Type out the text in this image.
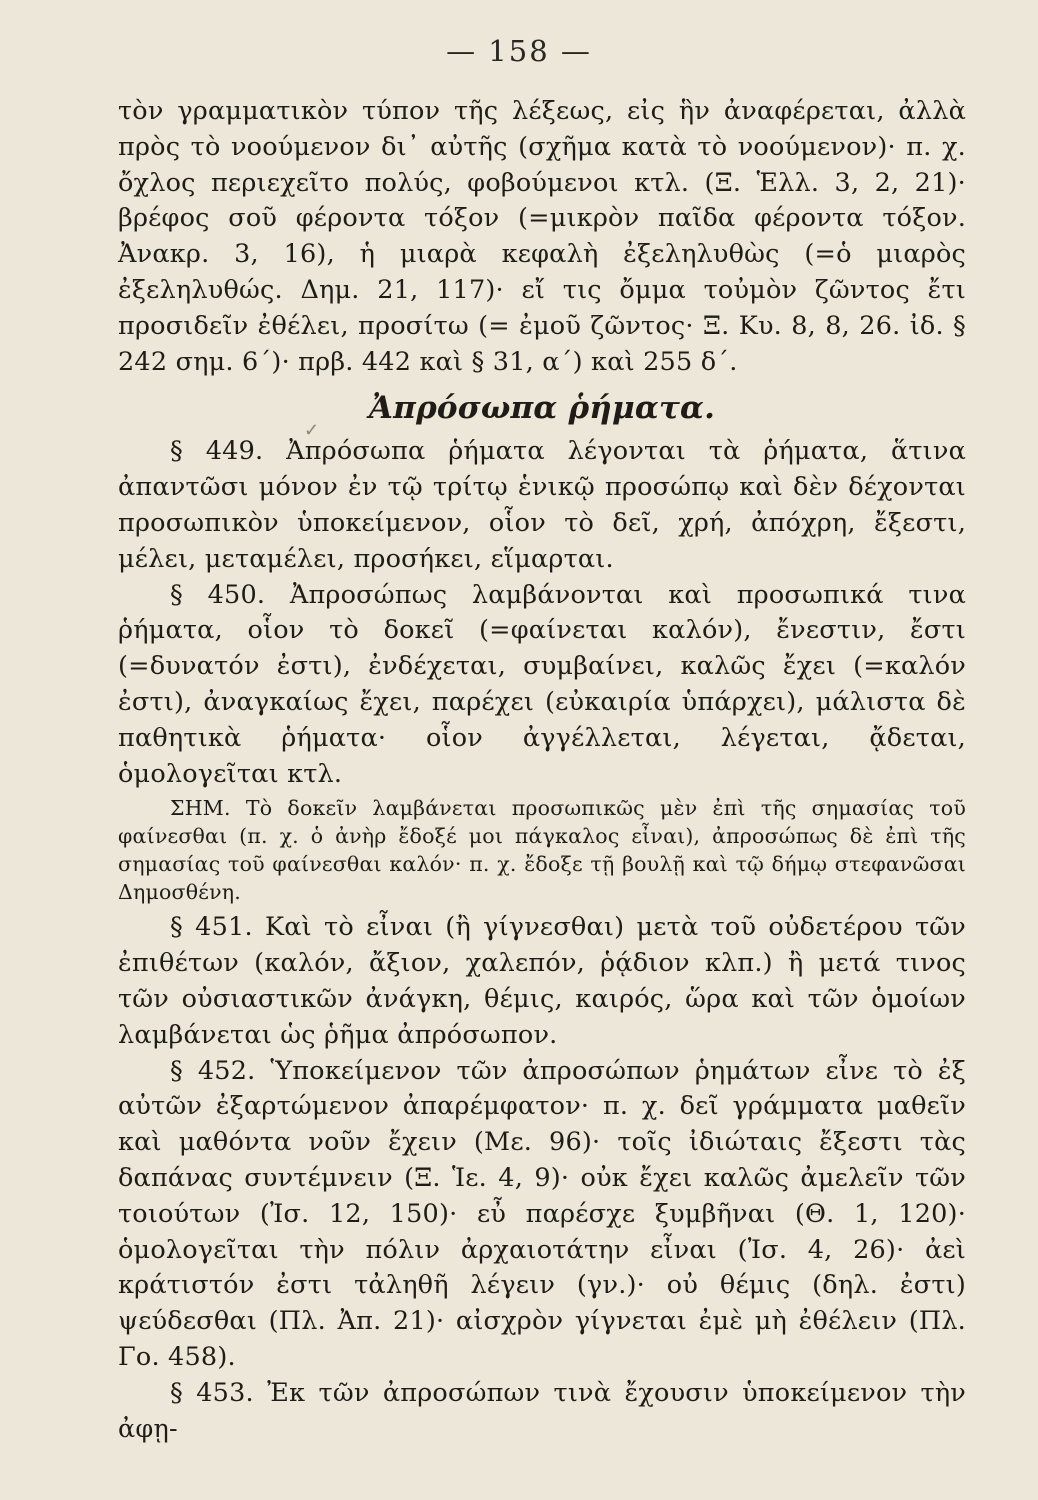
— 158 —
✓

τὸν γραμματικὸν τύπον τῆς λέξεως, εἰς ἣν ἀναφέρεται, ἀλλὰ πρὸς τὸ νοούμενον δι᾽ αὐτῆς (σχῆμα κατὰ τὸ νοούμενον)· π. χ. ὄχλος περιεχεῖτο πολύς, φοβούμενοι κτλ. (Ξ. Ἑλλ. 3, 2, 21)· βρέφος σοῦ φέροντα τόξον (=μικρὸν παῖδα φέροντα τόξον. Ἀνακρ. 3, 16), ἡ μιαρὰ κεφαλὴ ἐξεληλυθὼς (=ὁ μιαρὸς ἐξεληλυθώς. Δημ. 21, 117)· εἴ τις ὄμμα τοὐμὸν ζῶντος ἔτι προσιδεῖν ἐθέλει, προσίτω (= ἐμοῦ ζῶντος· Ξ. Κυ. 8, 8, 26. ἰδ. § 242 σημ. 6΄)· πρβ. 442 καὶ § 31, α΄) καὶ 255 δ΄.

Ἀπρόσωπα ῥήματα.

§ 449. Ἀπρόσωπα ῥήματα λέγονται τὰ ῥήματα, ἅτινα ἀπαντῶσι μόνον ἐν τῷ τρίτῳ ἑνικῷ προσώπῳ καὶ δὲν δέχονται προσωπικὸν ὑποκείμενον, οἷον τὸ δεῖ, χρή, ἀπόχρη, ἔξεστι, μέλει, μεταμέλει, προσήκει, εἵμαρται.

§ 450. Ἀπροσώπως λαμβάνονται καὶ προσωπικά τινα ῥήματα, οἷον τὸ δοκεῖ (=φαίνεται καλόν), ἔνεστιν, ἔστι (=δυνατόν ἐστι), ἐνδέχεται, συμβαίνει, καλῶς ἔχει (=καλόν ἐστι), ἀναγκαίως ἔχει, παρέχει (εὐκαιρία ὑπάρχει), μάλιστα δὲ παθητικὰ ῥήματα· οἷον ἀγγέλλεται, λέγεται, ᾄδεται, ὁμολογεῖται κτλ.

ΣΗΜ. Τὸ δοκεῖν λαμβάνεται προσωπικῶς μὲν ἐπὶ τῆς σημασίας τοῦ φαίνεσθαι (π. χ. ὁ ἀνὴρ ἔδοξέ μοι πάγκαλος εἶναι), ἀπροσώπως δὲ ἐπὶ τῆς σημασίας τοῦ φαίνεσθαι καλόν· π. χ. ἔδοξε τῇ βουλῇ καὶ τῷ δήμῳ στεφανῶσαι Δημοσθένη.

§ 451. Καὶ τὸ εἶναι (ἢ γίγνεσθαι) μετὰ τοῦ οὐδετέρου τῶν ἐπιθέτων (καλόν, ἄξιον, χαλεπόν, ῥᾴδιον κλπ.) ἢ μετά τινος τῶν οὐσιαστικῶν ἀνάγκη, θέμις, καιρός, ὥρα καὶ τῶν ὁμοίων λαμβάνεται ὡς ῥῆμα ἀπρόσωπον.

§ 452. Ὑποκείμενον τῶν ἀπροσώπων ῥημάτων εἶνε τὸ ἐξ αὐτῶν ἐξαρτώμενον ἀπαρέμφατον· π. χ. δεῖ γράμματα μαθεῖν καὶ μαθόντα νοῦν ἔχειν (Με. 96)· τοῖς ἰδιώταις ἔξεστι τὰς δαπάνας συντέμνειν (Ξ. Ἱε. 4, 9)· οὐκ ἔχει καλῶς ἀμελεῖν τῶν τοιούτων (Ἰσ. 12, 150)· εὖ παρέσχε ξυμβῆναι (Θ. 1, 120)· ὁμολογεῖται τὴν πόλιν ἀρχαιοτάτην εἶναι (Ἰσ. 4, 26)· ἀεὶ κράτιστόν ἐστι τἀληθῆ λέγειν (γν.)· οὐ θέμις (δηλ. ἐστι) ψεύδεσθαι (Πλ. Ἀπ. 21)· αἰσχρὸν γίγνεται ἐμὲ μὴ ἐθέλειν (Πλ. Γο. 458).

§ 453. Ἐκ τῶν ἀπροσώπων τινὰ ἔχουσιν ὑποκείμενον τὴν ἀφῃ-
